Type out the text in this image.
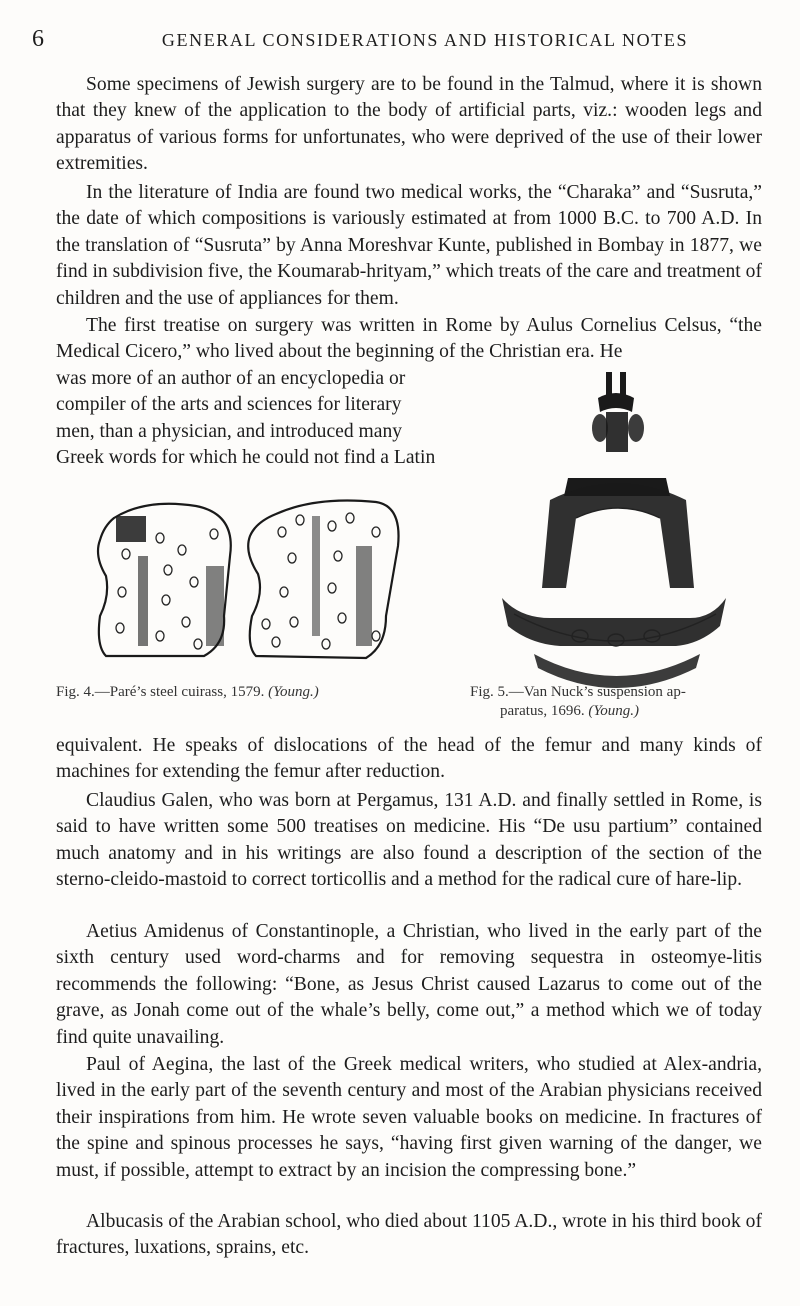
6	GENERAL CONSIDERATIONS AND HISTORICAL NOTES

Some specimens of Jewish surgery are to be found in the Talmud, where it is shown that they knew of the application to the body of artificial parts, viz.: wooden legs and apparatus of various forms for unfortunates, who were deprived of the use of their lower extremities.

In the literature of India are found two medical works, the “Charaka” and “Susruta,” the date of which compositions is variously estimated at from 1000 B.C. to 700 A.D. In the translation of “Susruta” by Anna Moreshvar Kunte, published in Bombay in 1877, we find in subdivision five, the Koumarab-hrityam,” which treats of the care and treatment of children and the use of appliances for them.

The first treatise on surgery was written in Rome by Aulus Cornelius Celsus, “the Medical Cicero,” who lived about the beginning of the Christian era. He

was more of an author of an encyclopedia or
compiler of the arts and sciences for literary
men, than a physician, and introduced many
Greek words for which he could not find a Latin
Fig. 4.—Paré’s steel cuirass, 1579. (Young.)	Fig. 5.—Van Nuck’s suspension ap-
paratus, 1696. (Young.)

equivalent. He speaks of dislocations of the head of the femur and many kinds of machines for extending the femur after reduction.

Claudius Galen, who was born at Pergamus, 131 A.D. and finally settled in Rome, is said to have written some 500 treatises on medicine. His “De usu partium” contained much anatomy and in his writings are also found a description of the section of the sterno-cleido-mastoid to correct torticollis and a method for the radical cure of hare-lip.

Aetius Amidenus of Constantinople, a Christian, who lived in the early part of the sixth century used word-charms and for removing sequestra in osteomye-litis recommends the following: “Bone, as Jesus Christ caused Lazarus to come out of the grave, as Jonah come out of the whale’s belly, come out,” a method which we of today find quite unavailing.

Paul of Aegina, the last of the Greek medical writers, who studied at Alex-andria, lived in the early part of the seventh century and most of the Arabian physicians received their inspirations from him. He wrote seven valuable books on medicine. In fractures of the spine and spinous processes he says, “having first given warning of the danger, we must, if possible, attempt to extract by an incision the compressing bone.”

Albucasis of the Arabian school, who died about 1105 A.D., wrote in his third book of fractures, luxations, sprains, etc.
